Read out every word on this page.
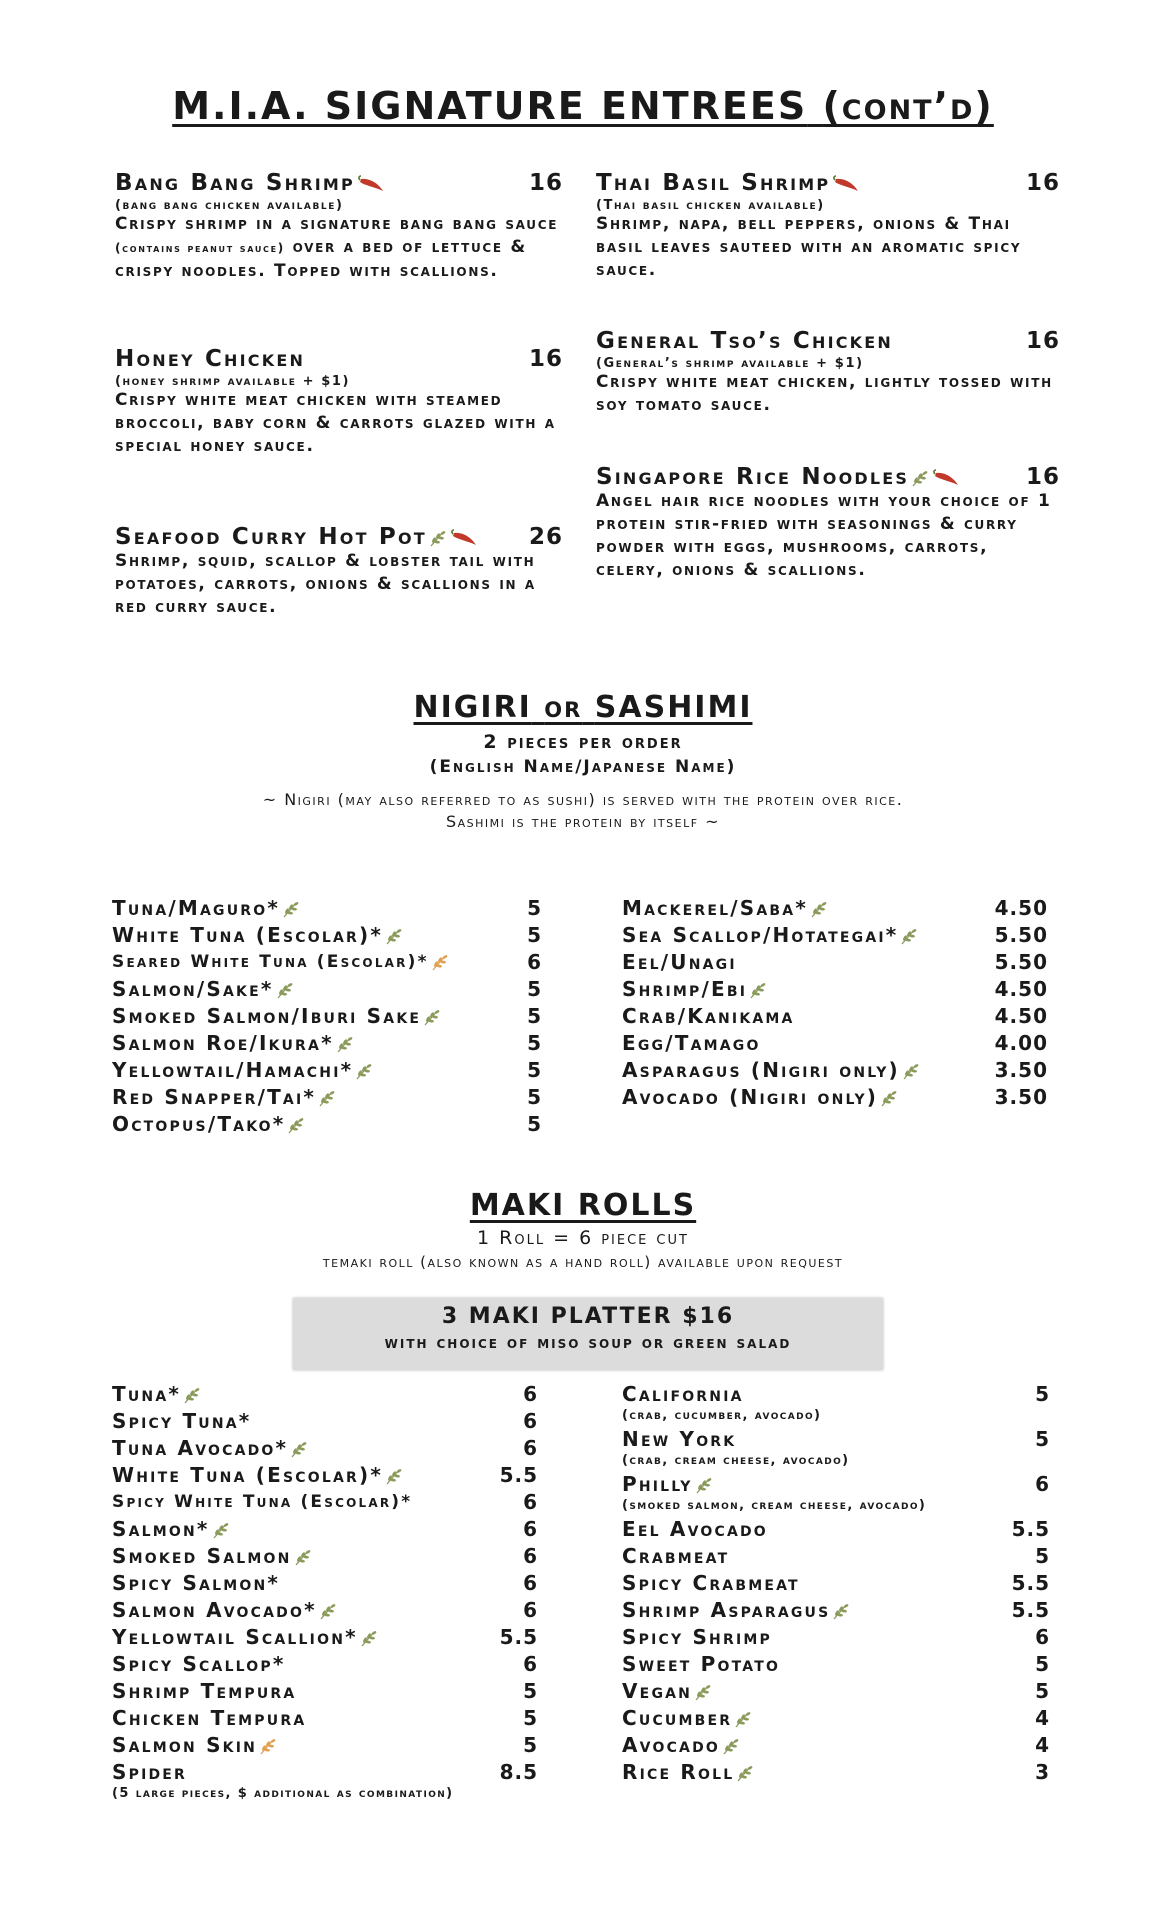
M.I.A. SIGNATURE ENTREES (cont’d)
Bang Bang Shrimp	16
(bang bang chicken available)
Crispy shrimp in a signature bang bang sauce (contains peanut sauce) over a bed of lettuce & crispy noodles. Topped with scallions.
Honey Chicken	16
(honey shrimp available + $1)
Crispy white meat chicken with steamed broccoli, baby corn & carrots glazed with a special honey sauce.
Seafood Curry Hot Pot	26
Shrimp, squid, scallop & lobster tail with potatoes, carrots, onions & scallions in a red curry sauce.
Thai Basil Shrimp	16
(Thai basil chicken available)
Shrimp, napa, bell peppers, onions & Thai basil leaves sauteed with an aromatic spicy sauce.
General Tso’s Chicken	16
(General’s shrimp available + $1)
Crispy white meat chicken, lightly tossed with soy tomato sauce.
Singapore Rice Noodles	16
Angel hair rice noodles with your choice of 1 protein stir-fried with seasonings & curry powder with eggs, mushrooms, carrots, celery, onions & scallions.
NIGIRI or SASHIMI
2 pieces per order
(English Name/Japanese Name)
~ Nigiri (may also referred to as sushi) is served with the protein over rice.
Sashimi is the protein by itself ~
Tuna/Maguro*	5
White Tuna (Escolar)*	5
Seared White Tuna (Escolar)*	6
Salmon/Sake*	5
Smoked Salmon/Iburi Sake	5
Salmon Roe/Ikura*	5
Yellowtail/Hamachi*	5
Red Snapper/Tai*	5
Octopus/Tako*	5
Mackerel/Saba*	4.50
Sea Scallop/Hotategai*	5.50
Eel/Unagi	5.50
Shrimp/Ebi	4.50
Crab/Kanikama	4.50
Egg/Tamago	4.00
Asparagus (Nigiri only)	3.50
Avocado (Nigiri only)	3.50
MAKI ROLLS
1 Roll = 6 piece cut
temaki roll (also known as a hand roll) available upon request
3 MAKI PLATTER $16
with choice of miso soup or green salad
Tuna*	6
Spicy Tuna*	6
Tuna Avocado*	6
White Tuna (Escolar)*	5.5
Spicy White Tuna (Escolar)*	6
Salmon*	6
Smoked Salmon	6
Spicy Salmon*	6
Salmon Avocado*	6
Yellowtail Scallion*	5.5
Spicy Scallop*	6
Shrimp Tempura	5
Chicken Tempura	5
Salmon Skin	5
Spider	8.5
(5 large pieces, $ additional as combination)
California	5
(crab, cucumber, avocado)
New York	5
(crab, cream cheese, avocado)
Philly	6
(smoked salmon, cream cheese, avocado)
Eel Avocado	5.5
Crabmeat	5
Spicy Crabmeat	5.5
Shrimp Asparagus	5.5
Spicy Shrimp	6
Sweet Potato	5
Vegan	5
Cucumber	4
Avocado	4
Rice Roll	3
